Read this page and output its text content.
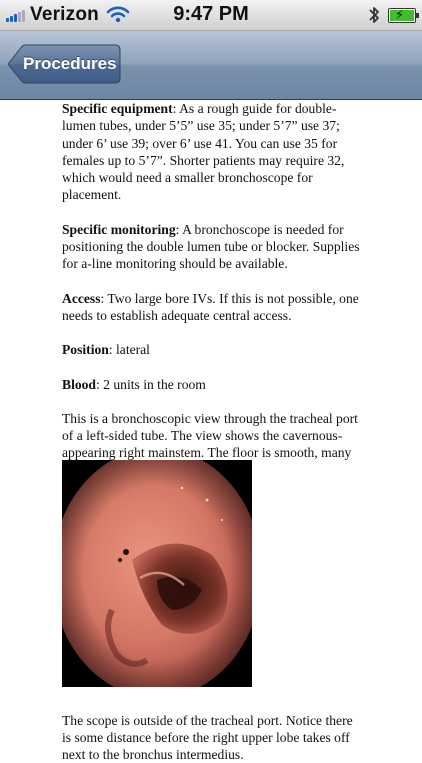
Verizon	9:47 PM	⚡
Procedures

Specific equipment: As a rough guide for double-lumen tubes, under 5’5” use 35; under 5’7” use 37; under 6’ use 39; over 6’ use 41. You can use 35 for females up to 5’7”. Shorter patients may require 32, which would need a smaller bronchoscope for placement.

Specific monitoring: A bronchoscope is needed for positioning the double lumen tube or blocker. Supplies for a-line monitoring should be available.

Access: Two large bore IVs. If this is not possible, one needs to establish adequate central access.

Position: lateral

Blood: 2 units in the room

This is a bronchoscopic view through the tracheal port of a left-sided tube. The view shows the cavernous-appearing right mainstem. The floor is smooth, many

The scope is outside of the tracheal port. Notice there is some distance before the right upper lobe takes off next to the bronchus intermedius.
